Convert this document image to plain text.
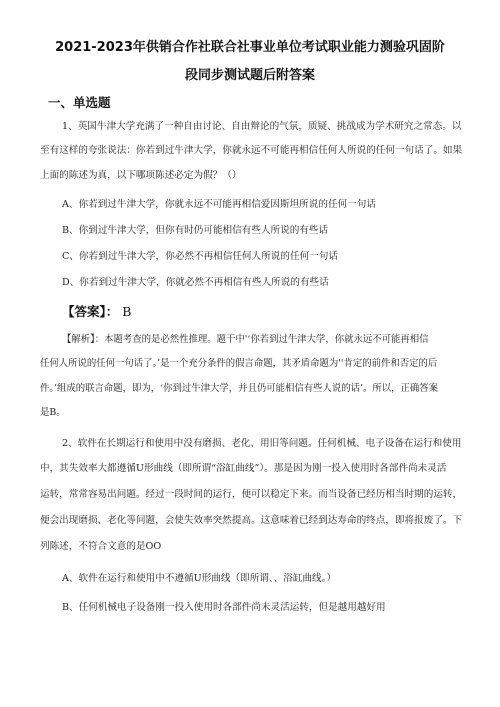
2021-2023年供销合作社联合社事业单位考试职业能力测验巩固阶
段同步测试题后附答案
一、单选题
1、英国牛津大学充满了一种自由讨论、自由辩论的气氛，质疑、挑战成为学术研究之常态。以
至有这样的夸张说法：你若到过牛津大学，你就永远不可能再相信任何人所说的任何一句话了。如果
上面的陈述为真，以下哪项陈述必定为假？（）
A、你若到过牛津大学，你就永远不可能再相信爱因斯坦所说的任何一句话
B、你到过牛津大学，但你有时仍可能相信有些人所说的有些话
C、你若到过牛津大学，你必然不再相信任何人所说的任何一句话
D、你若到过牛津大学，你就必然不再相信有些人所说的有些话
【答案】： B
【解析】：本题考查的是必然性推理。题干中'‘你若到过牛津大学，你就永远不可能再相信
任何人所说的任何一句话了。’是一个充分条件的假言命题，其矛盾命题为''肯定的前件和否定的后
件。’组成的联言命题，即为，‘你到过牛津大学，并且仍可能相信有些人说的话’。所以，正确答案
是B。
2、软件在长期运行和使用中没有磨损、老化、用旧等问题。任何机械、电子设备在运行和使用
中，其失效率大都遵循U形曲线（即所谓“浴缸曲线”）。那是因为刚一投入使用时各部件尚未灵活
运转，常常容易出问题。经过一段时间的运行，便可以稳定下来。而当设备已经历相当时期的运转，
便会出现磨损、老化等问题，会使失效率突然提高。这意味着已经到达寿命的终点，即将报废了。下
列陈述，不符合文意的是OO
A、软件在运行和使用中不遵循U形曲线（即所谓、、浴缸曲线。）
B、任何机械电子设备刚一投入使用时各部件尚未灵活运转，但是越用越好用
